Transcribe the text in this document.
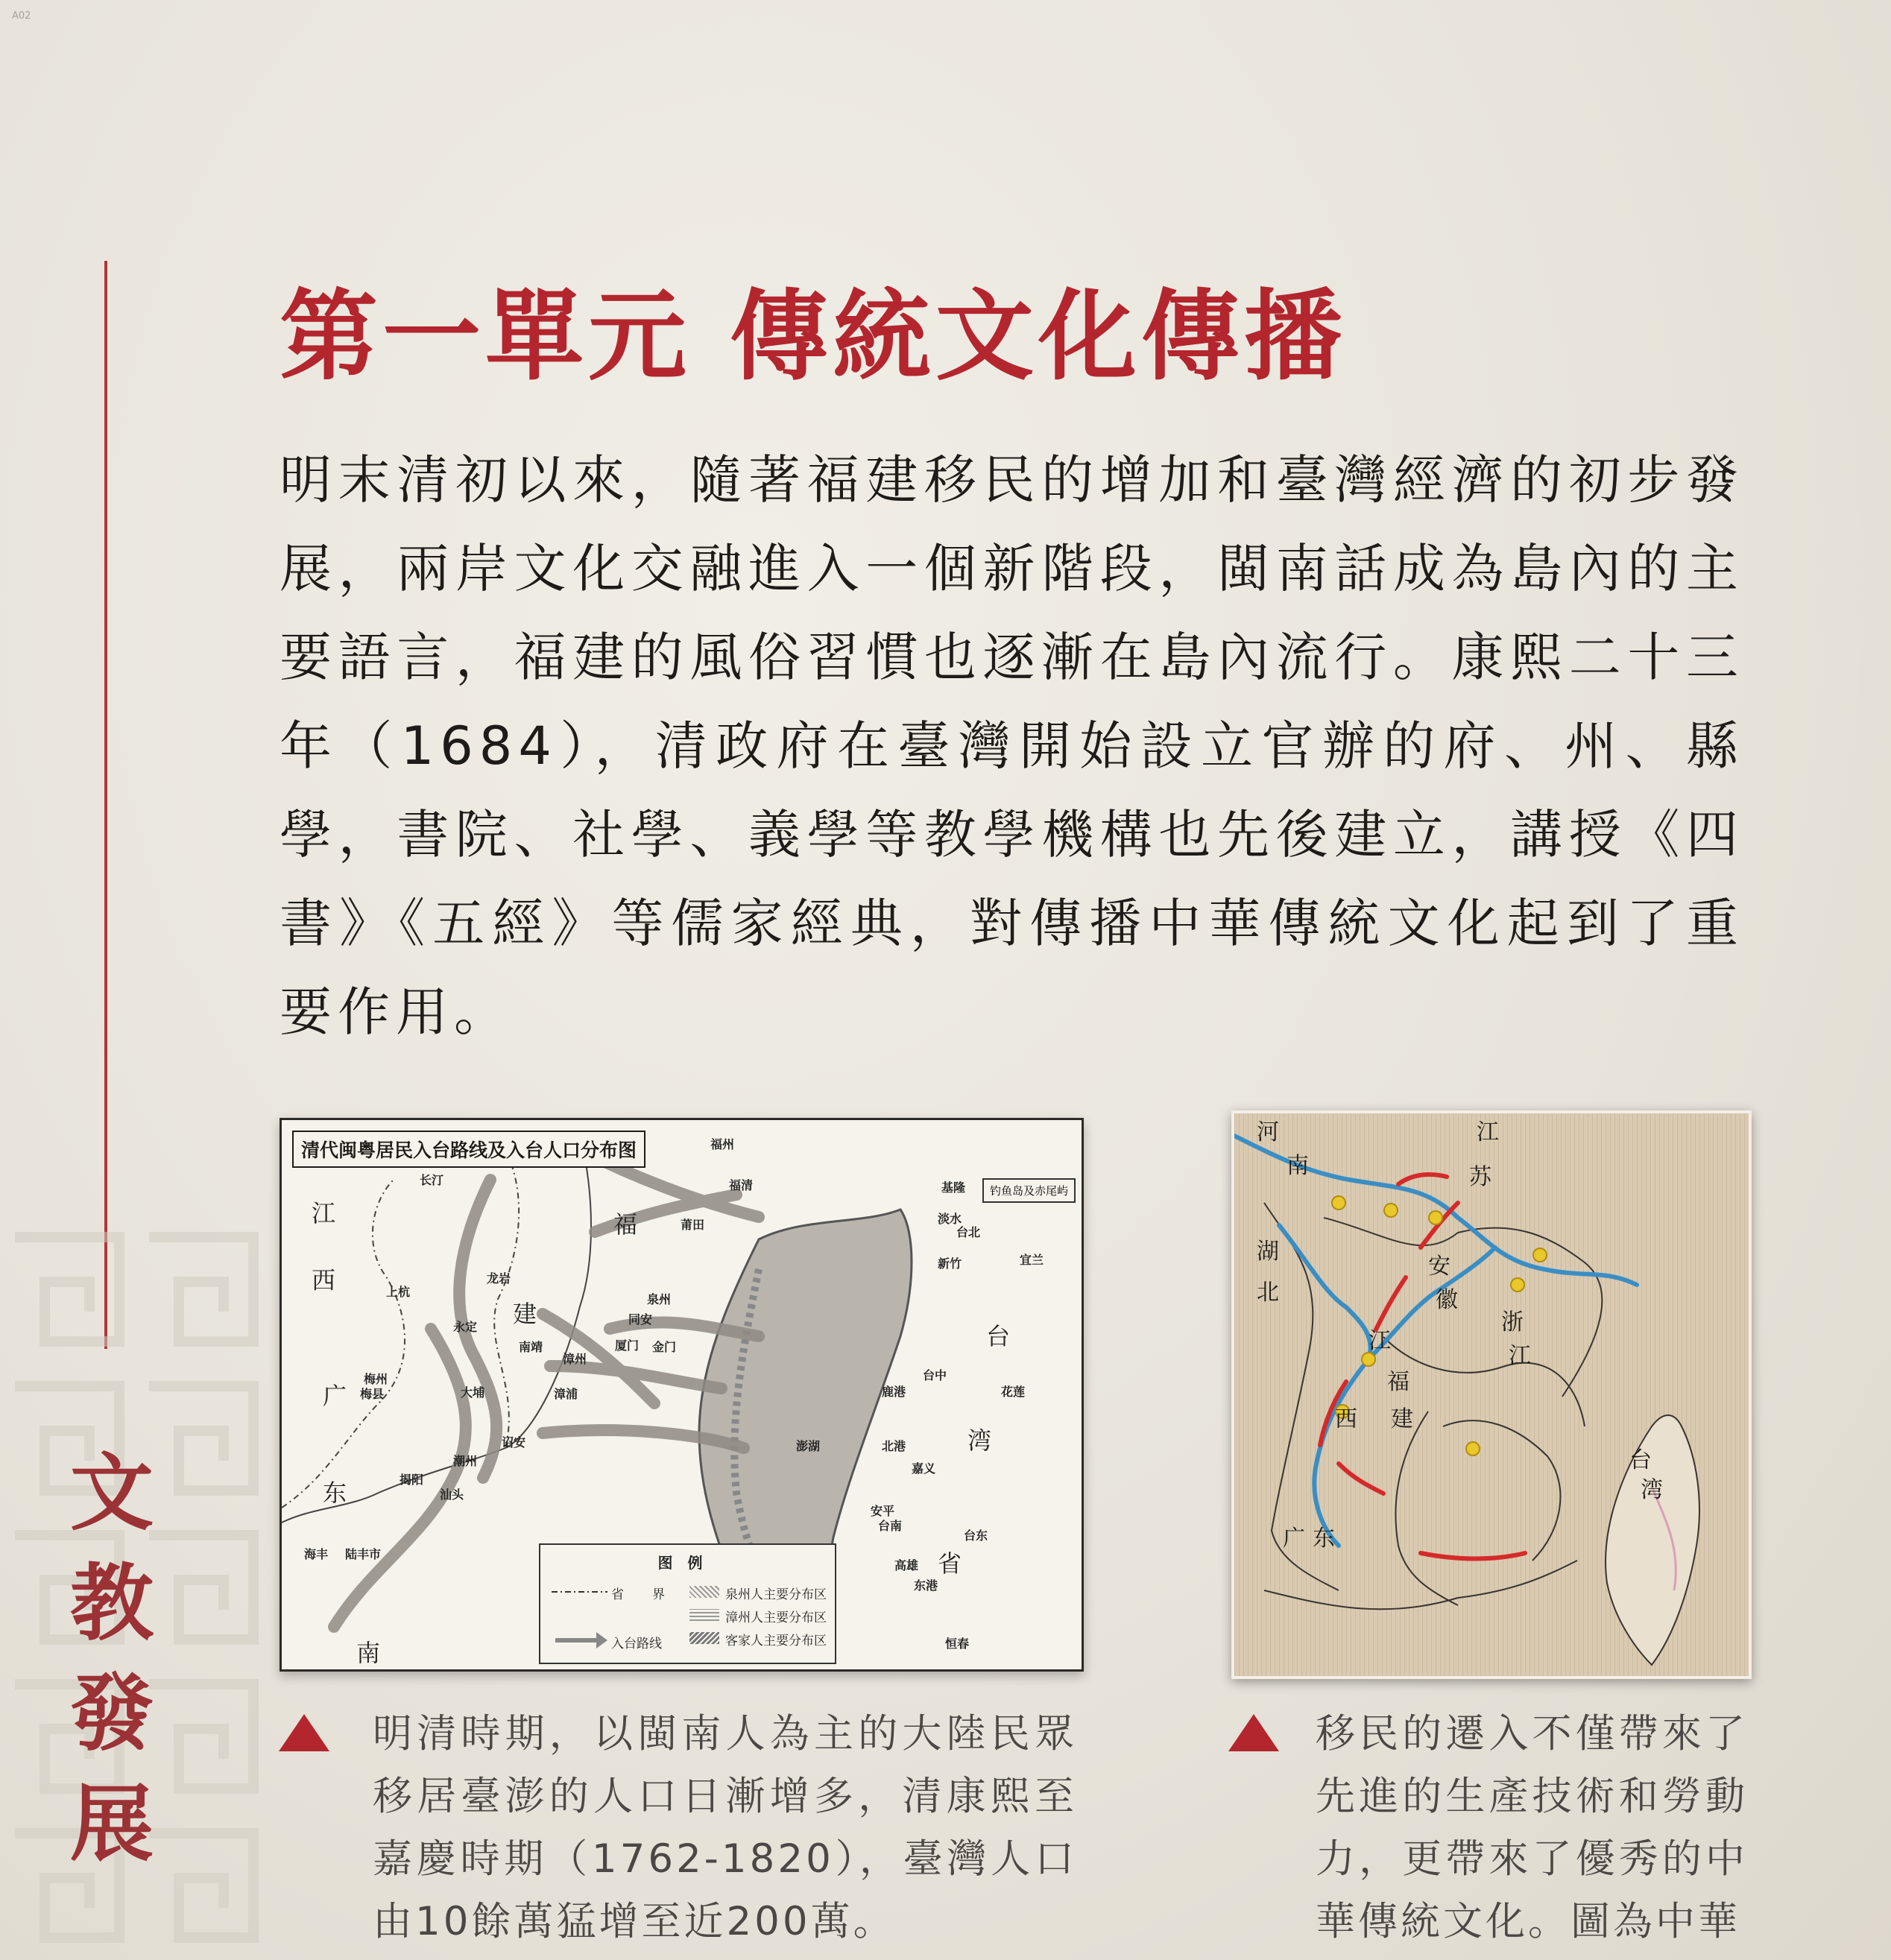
A02
文
教
發
展
第一單元 傳統文化傳播
明末清初以來，隨著福建移民的增加和臺灣經濟的初步發展，兩岸文化交融進入一個新階段，閩南話成為島內的主要語言，福建的風俗習慣也逐漸在島內流行。康熙二十三年（1684），清政府在臺灣開始設立官辦的府、州、縣學，書院、社學、義學等教學機構也先後建立，講授《四書》《五經》等儒家經典，對傳播中華傳統文化起到了重要作用。
清代闽粤居民入台路线及入台人口分布图
钓鱼岛及赤尾屿
江
西
广
东
福
建
台
湾
省
南
福州
福清
莆田
长汀
龙岩
上杭
永定
泉州
同安
南靖
漳州
厦门 金门
梅州
梅县	大埔	漳浦
诏安
潮州
揭阳
汕头
海丰 陆丰市
基隆
淡水
台北
宜兰
新竹
鹿港
台中
北港
嘉义
澎湖
安平
台南
花莲
高雄
东港
台东
恒春
图例
省 界
入台路线
泉州人主要分布区
漳州人主要分布区
客家人主要分布区
河
南
江
苏
湖
北
安
徽
浙
江
江
西
福
建
广 东
台
湾
明清時期，以閩南人為主的大陸民眾移居臺澎的人口日漸增多，清康熙至嘉慶時期（1762-1820），臺灣人口由10餘萬猛增至近200萬。
移民的遷入不僅帶來了先進的生產技術和勞動力，更帶來了優秀的中華傳統文化。圖為中華
